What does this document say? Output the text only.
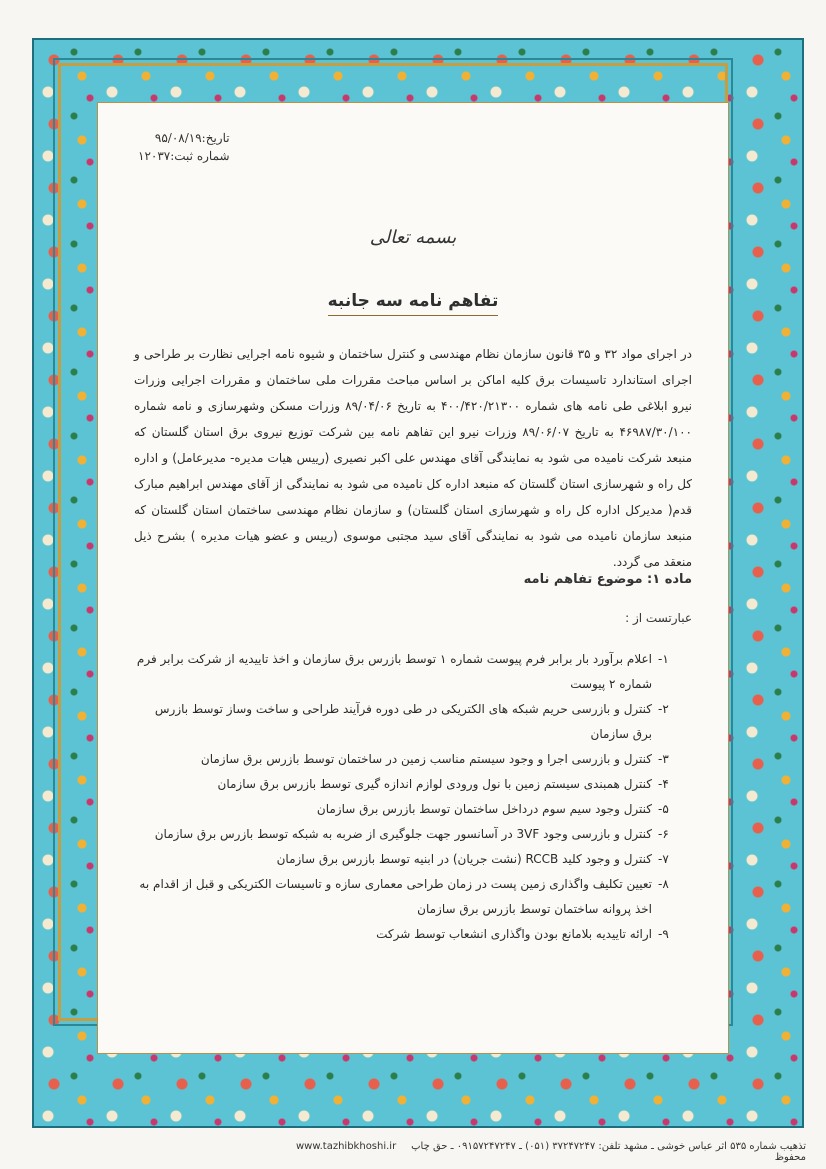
تاریخ:۹۵/۰۸/۱۹
شماره ثبت:۱۲۰۳۷
بسمه تعالی
تفاهم نامه سه جانبه
در اجرای مواد ۳۲ و ۳۵ قانون سازمان نظام مهندسی و کنترل ساختمان و شیوه نامه اجرایی نظارت بر طراحی و اجرای استاندارد تاسیسات برق کلیه اماکن بر اساس مباحث مقررات ملی ساختمان و مقررات اجرایی وزرات نیرو ابلاغی طی نامه های شماره ۴۰۰/۴۲۰/۲۱۳۰۰ به تاریخ ۸۹/۰۴/۰۶ وزرات مسکن وشهرسازی و نامه شماره ۴۶۹۸۷/۳۰/۱۰۰ به تاریخ ۸۹/۰۶/۰۷ وزرات نیرو این تفاهم نامه بین شرکت توزیع نیروی برق استان گلستان که منبعد شرکت نامیده می شود به نمایندگی آقای مهندس علی اکبر نصیری (رییس هیات مدیره- مدیرعامل) و اداره کل راه و شهرسازی استان گلستان که منبعد اداره کل نامیده می شود به نمایندگی از آقای مهندس ابراهیم مبارک قدم( مدیرکل اداره کل راه و شهرسازی استان گلستان) و سازمان نظام مهندسی ساختمان استان گلستان که منبعد سازمان نامیده می شود به نمایندگی آقای سید مجتبی موسوی (رییس و عضو هیات مدیره ) بشرح ذیل منعقد می گردد.
ماده ۱: موضوع تفاهم نامه
عبارتست از :
۱-
اعلام برآورد بار برابر فرم پیوست شماره ۱ توسط بازرس برق سازمان و اخذ تاییدیه از شرکت برابر فرم شماره ۲ پیوست
۲-
کنترل و بازرسی حریم شبکه های الکتریکی در طی دوره فرآیند طراحی و ساخت وساز توسط بازرس برق سازمان
۳-
کنترل و بازرسی اجرا و وجود سیستم مناسب زمین در ساختمان توسط بازرس برق سازمان
۴-
کنترل همبندی سیستم زمین با نول ورودی لوازم اندازه گیری توسط بازرس برق سازمان
۵-
کنترل وجود سیم سوم درداخل ساختمان توسط بازرس برق سازمان
۶-
کنترل و بازرسی وجود 3VF در آسانسور جهت جلوگیری از ضربه به شبکه توسط بازرس برق سازمان
۷-
کنترل و وجود کلید RCCB (نشت جریان) در ابنیه توسط بازرس برق سازمان
۸-
تعیین تکلیف واگذاری زمین پست در زمان طراحی معماری سازه و تاسیسات الکتریکی و قبل از اقدام به اخذ پروانه ساختمان توسط بازرس برق سازمان
۹-
ارائه تاییدیه بلامانع بودن واگذاری انشعاب توسط شرکت
www.tazhibkhoshi.ir	تذهیب شماره ۵۳۵ اثر عباس خوشی ـ مشهد تلفن: ۳۷۲۴۷۲۴۷ (۰۵۱) ـ ۰۹۱۵۷۲۴۷۲۴۷ ـ حق چاپ محفوظ
